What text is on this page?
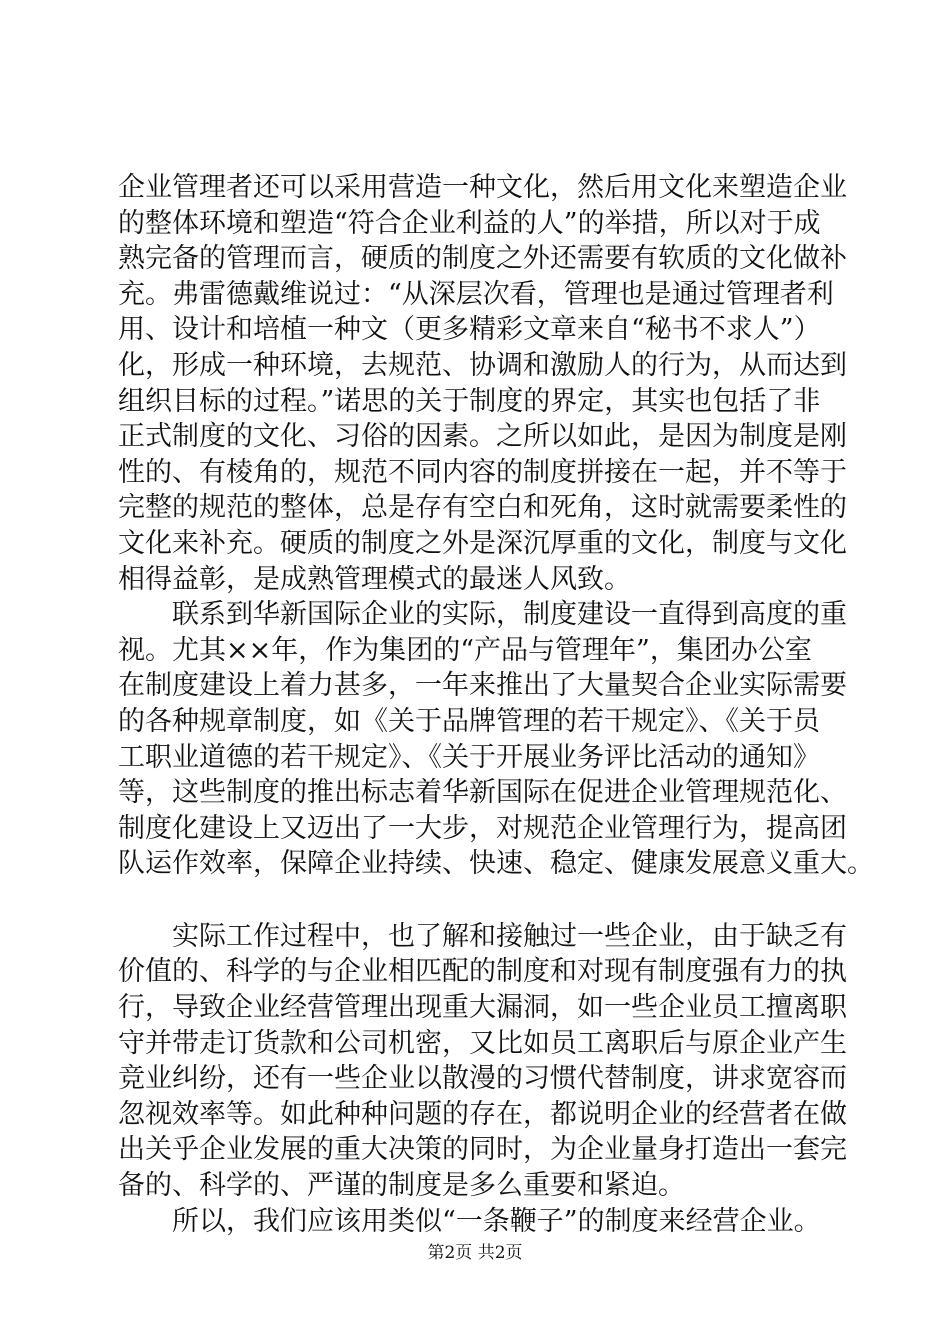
企业管理者还可以采用营造一种文化，然后用文化来塑造企业
的整体环境和塑造“符合企业利益的人”的举措，所以对于成
熟完备的管理而言，硬质的制度之外还需要有软质的文化做补
充。弗雷德戴维说过：“从深层次看，管理也是通过管理者利
用、设计和培植一种文（更多精彩文章来自“秘书不求人”）
化，形成一种环境，去规范、协调和激励人的行为，从而达到
组织目标的过程。”诺思的关于制度的界定，其实也包括了非
正式制度的文化、习俗的因素。之所以如此，是因为制度是刚
性的、有棱角的，规范不同内容的制度拼接在一起，并不等于
完整的规范的整体，总是存有空白和死角，这时就需要柔性的
文化来补充。硬质的制度之外是深沉厚重的文化，制度与文化
相得益彰，是成熟管理模式的最迷人风致。
　　联系到华新国际企业的实际，制度建设一直得到高度的重
视。尤其××年，作为集团的“产品与管理年”，集团办公室
在制度建设上着力甚多，一年来推出了大量契合企业实际需要
的各种规章制度，如《关于品牌管理的若干规定》、《关于员
工职业道德的若干规定》、《关于开展业务评比活动的通知》
等，这些制度的推出标志着华新国际在促进企业管理规范化、
制度化建设上又迈出了一大步，对规范企业管理行为，提高团
队运作效率，保障企业持续、快速、稳定、健康发展意义重大。
　　实际工作过程中，也了解和接触过一些企业，由于缺乏有
价值的、科学的与企业相匹配的制度和对现有制度强有力的执
行，导致企业经营管理出现重大漏洞，如一些企业员工擅离职
守并带走订货款和公司机密，又比如员工离职后与原企业产生
竞业纠纷，还有一些企业以散漫的习惯代替制度，讲求宽容而
忽视效率等。如此种种问题的存在，都说明企业的经营者在做
出关乎企业发展的重大决策的同时，为企业量身打造出一套完
备的、科学的、严谨的制度是多么重要和紧迫。
　　所以，我们应该用类似“一条鞭子”的制度来经营企业。
第2页 共2页
